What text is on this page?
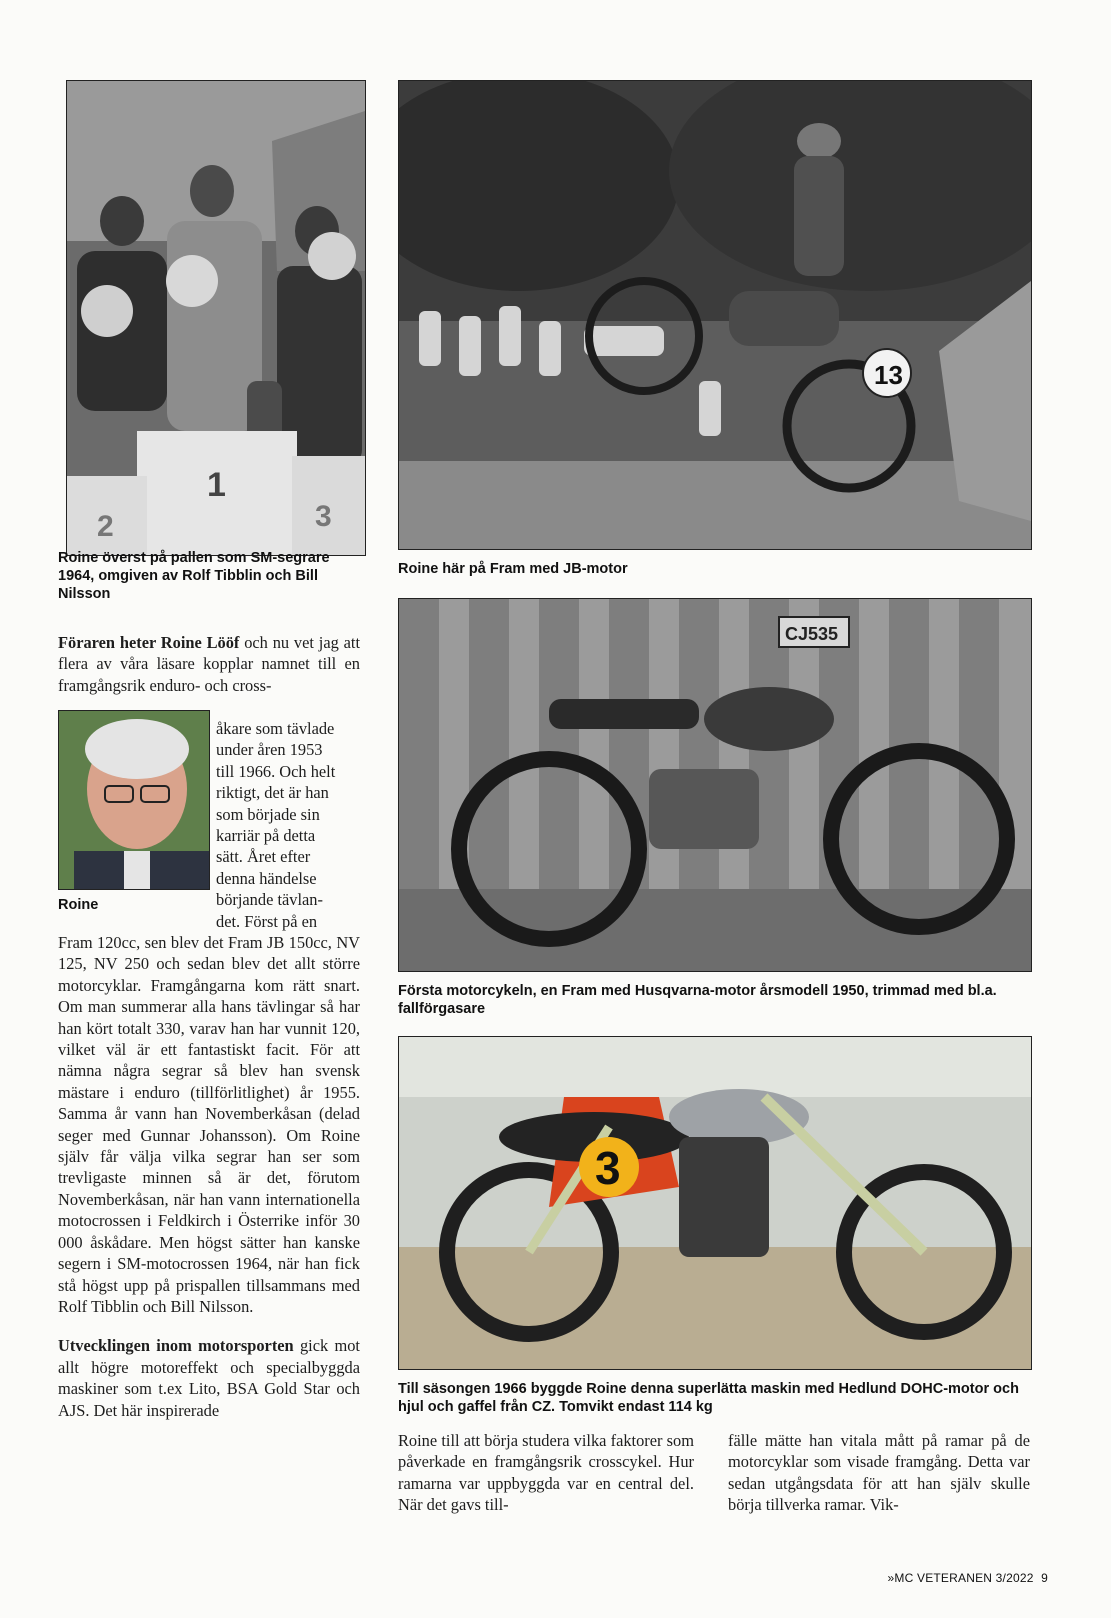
2
1
3
Roine överst på pallen som SM-segrare 1964, omgiven av Rolf Tibblin och Bill Nilsson
13
Roine här på Fram med JB-motor
CJ535
Första motorcykeln, en Fram med Husqvarna-motor årsmodell 1950, trimmad med bl.a. fallförgasare
3
Till säsongen 1966 byggde Roine denna superlätta maskin med Hedlund DOHC-motor och hjul och gaffel från CZ. Tomvikt endast 114 kg
Roine

Föraren heter Roine Lööf och nu vet jag att flera av våra läsare kopplar namnet till en framgångsrik enduro- och cross-

åkare som tävlade
under åren 1953
till 1966. Och helt
riktigt, det är han
som började sin
karriär på detta
sätt. Året efter
denna händelse
börjande tävlan-
det. Först på en

Fram 120cc, sen blev det Fram JB 150cc, NV 125, NV 250 och sedan blev det allt större motorcyklar. Framgångarna kom rätt snart. Om man summerar alla hans tävlingar så har han kört totalt 330, varav han har vunnit 120, vilket väl är ett fantastiskt facit. För att nämna några segrar så blev han svensk mästare i enduro (tillförlitlighet) år 1955. Samma år vann han Novemberkåsan (delad seger med Gunnar Johansson). Om Roine själv får välja vilka segrar han ser som trevligaste minnen så är det, förutom Novemberkåsan, när han vann internationella motocrossen i Feldkirch i Österrike inför 30 000 åskådare. Men högst sätter han kanske segern i SM-motocrossen 1964, när han fick stå högst upp på prispallen tillsammans med Rolf Tibblin och Bill Nilsson.

Utvecklingen inom motorsporten gick mot allt högre motoreffekt och specialbyggda maskiner som t.ex Lito, BSA Gold Star och AJS. Det här inspirerade

Roine till att börja studera vilka faktorer som påverkade en framgångsrik crosscykel. Hur ramarna var uppbyggda var en central del. När det gavs till-

fälle mätte han vitala mått på ramar på de motorcyklar som visade framgång. Detta var sedan utgångsdata för att han själv skulle börja tillverka ramar. Vik-

»MC VETERANEN 3/2022 9
